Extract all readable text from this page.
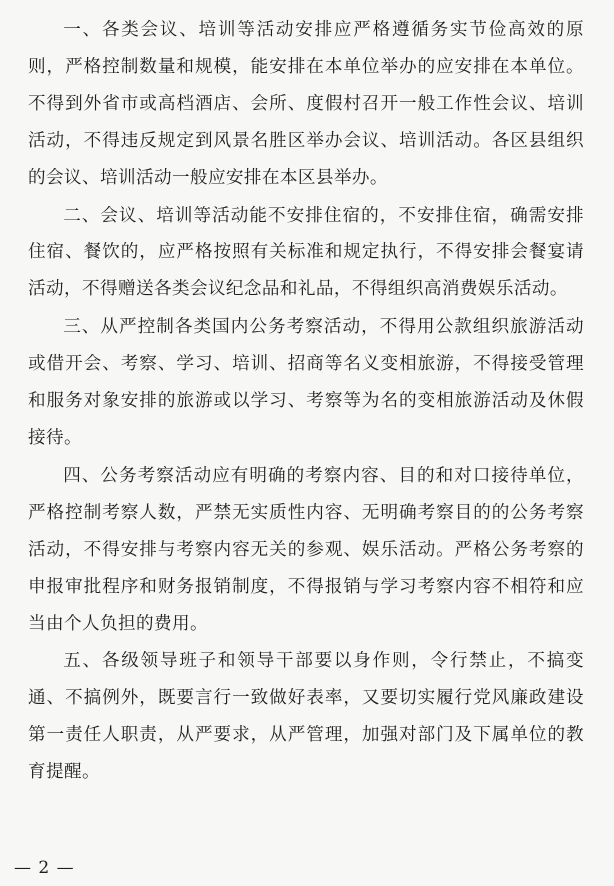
一、各类会议、培训等活动安排应严格遵循务实节俭高效的原则，严格控制数量和规模，能安排在本单位举办的应安排在本单位。不得到外省市或高档酒店、会所、度假村召开一般工作性会议、培训活动，不得违反规定到风景名胜区举办会议、培训活动。各区县组织的会议、培训活动一般应安排在本区县举办。

二、会议、培训等活动能不安排住宿的，不安排住宿，确需安排住宿、餐饮的，应严格按照有关标准和规定执行，不得安排会餐宴请活动，不得赠送各类会议纪念品和礼品，不得组织高消费娱乐活动。

三、从严控制各类国内公务考察活动，不得用公款组织旅游活动或借开会、考察、学习、培训、招商等名义变相旅游，不得接受管理和服务对象安排的旅游或以学习、考察等为名的变相旅游活动及休假接待。

四、公务考察活动应有明确的考察内容、目的和对口接待单位，严格控制考察人数，严禁无实质性内容、无明确考察目的的公务考察活动，不得安排与考察内容无关的参观、娱乐活动。严格公务考察的申报审批程序和财务报销制度，不得报销与学习考察内容不相符和应当由个人负担的费用。

五、各级领导班子和领导干部要以身作则，令行禁止，不搞变通、不搞例外，既要言行一致做好表率，又要切实履行党风廉政建设第一责任人职责，从严要求，从严管理，加强对部门及下属单位的教育提醒。

— 2 —
